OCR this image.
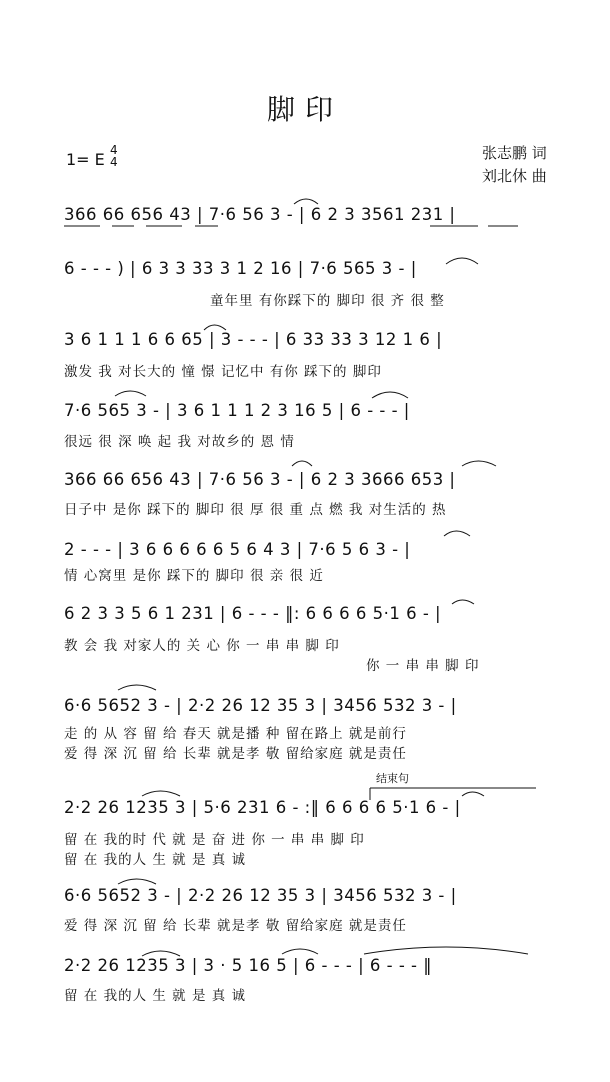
脚印
1= E 4
4	张志鹏 词
刘北休 曲
结束句
366 66 656 43 | 7·6 56 3 - | 6 2 3 3561 231 |
6 - - - ) | 6 3 3 33 3 1 2 16 | 7·6 565 3 - |
童年里 有你踩下的 脚印 很 齐 很 整
3 6 1 1 1 6 6 65 | 3 - - - | 6 33 33 3 12 1 6 |
激发 我 对长大的 憧 憬 记忆中 有你 踩下的 脚印
7·6 565 3 - | 3 6 1 1 1 2 3 16 5 | 6 - - - |
很远 很 深 唤 起 我 对故乡的 恩 情
366 66 656 43 | 7·6 56 3 - | 6 2 3 3666 653 |
日子中 是你 踩下的 脚印 很 厚 很 重 点 燃 我 对生活的 热
2 - - - | 3 6 6 6 6 6 5 6 4 3 | 7·6 5 6 3 - |
情 心窝里 是你 踩下的 脚印 很 亲 很 近
6 2 3 3 5 6 1 231 | 6 - - - ‖: 6 6 6 6 5·1 6 - |
教 会 我 对家人的 关 心 你 一 串 串 脚 印
你 一 串 串 脚 印
6·6 5652 3 - | 2·2 26 12 35 3 | 3456 532 3 - |
走 的 从 容 留 给 春天 就是播 种 留在路上 就是前行
爱 得 深 沉 留 给 长辈 就是孝 敬 留给家庭 就是责任
2·2 26 1235 3 | 5·6 231 6 - :‖ 6 6 6 6 5·1 6 - |
留 在 我的时 代 就 是 奋 进 你 一 串 串 脚 印
留 在 我的人 生 就 是 真 诚
6·6 5652 3 - | 2·2 26 12 35 3 | 3456 532 3 - |
爱 得 深 沉 留 给 长辈 就是孝 敬 留给家庭 就是责任
2·2 26 1235 3 | 3 · 5 16 5 | 6 - - - | 6 - - - ‖
留 在 我的人 生 就 是 真 诚
